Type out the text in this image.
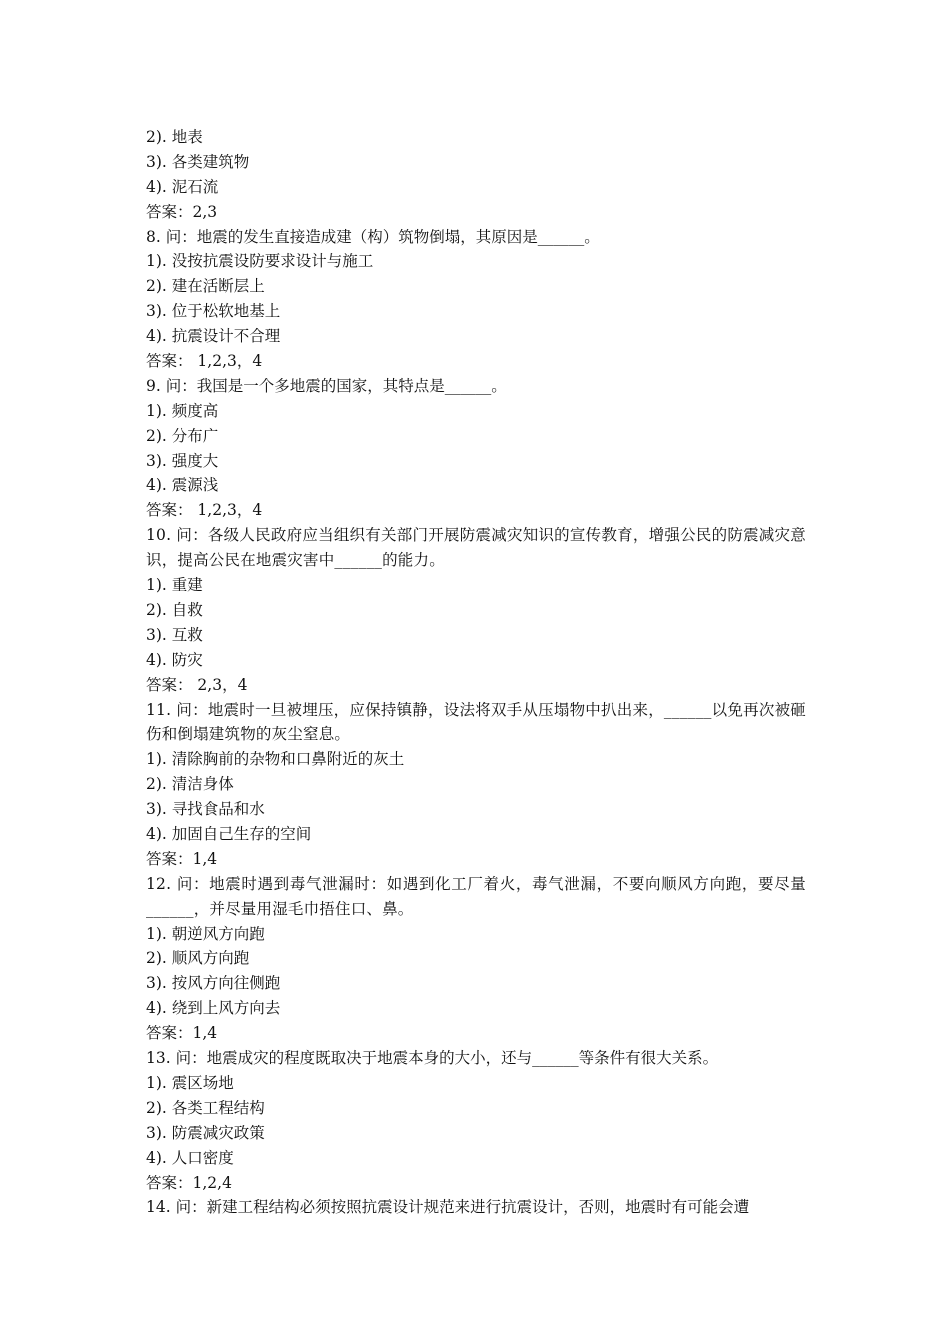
2). 地表
3). 各类建筑物
4). 泥石流
答案：2,3
8. 问：地震的发生直接造成建（构）筑物倒塌，其原因是______。
1). 没按抗震设防要求设计与施工
2). 建在活断层上
3). 位于松软地基上
4). 抗震设计不合理
答案： 1,2,3，4
9. 问：我国是一个多地震的国家，其特点是______。
1). 频度高
2). 分布广
3). 强度大
4). 震源浅
答案： 1,2,3，4
10. 问：各级人民政府应当组织有关部门开展防震减灾知识的宣传教育，增强公民的防震减灾意识，提高公民在地震灾害中______的能力。
1). 重建
2). 自救
3). 互救
4). 防灾
答案： 2,3，4
11. 问：地震时一旦被埋压，应保持镇静，设法将双手从压塌物中扒出来，______以免再次被砸伤和倒塌建筑物的灰尘窒息。
1). 清除胸前的杂物和口鼻附近的灰土
2). 清洁身体
3). 寻找食品和水
4). 加固自己生存的空间
答案：1,4
12. 问：地震时遇到毒气泄漏时：如遇到化工厂着火，毒气泄漏，不要向顺风方向跑，要尽量______，并尽量用湿毛巾捂住口、鼻。
1). 朝逆风方向跑
2). 顺风方向跑
3). 按风方向往侧跑
4). 绕到上风方向去
答案：1,4
13. 问：地震成灾的程度既取决于地震本身的大小，还与______等条件有很大关系。
1). 震区场地
2). 各类工程结构
3). 防震减灾政策
4). 人口密度
答案：1,2,4
14. 问：新建工程结构必须按照抗震设计规范来进行抗震设计，否则，地震时有可能会遭
